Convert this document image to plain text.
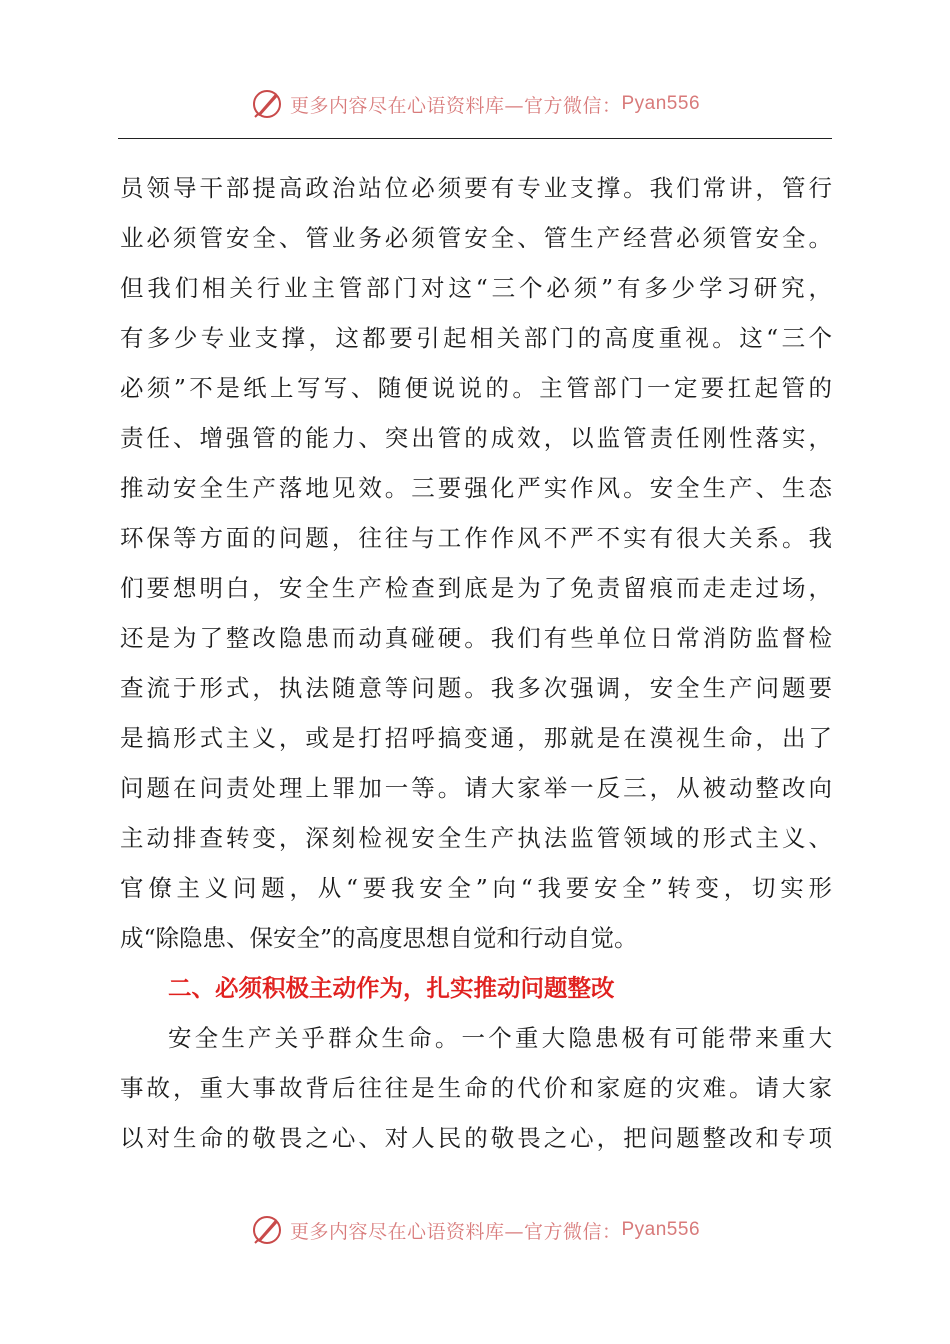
更多内容尽在心语资料库—官方微信： Pyan556
员领导干部提高政治站位必须要有专业支撑。我们常讲，管行
业必须管安全、管业务必须管安全、管生产经营必须管安全。
但我们相关行业主管部门对这“三个必须”有多少学习研究，
有多少专业支撑，这都要引起相关部门的高度重视。这“三个
必须”不是纸上写写、随便说说的。主管部门一定要扛起管的
责任、增强管的能力、突出管的成效，以监管责任刚性落实，
推动安全生产落地见效。三要强化严实作风。安全生产、生态
环保等方面的问题，往往与工作作风不严不实有很大关系。我
们要想明白，安全生产检查到底是为了免责留痕而走走过场，
还是为了整改隐患而动真碰硬。我们有些单位日常消防监督检
查流于形式，执法随意等问题。我多次强调，安全生产问题要
是搞形式主义，或是打招呼搞变通，那就是在漠视生命，出了
问题在问责处理上罪加一等。请大家举一反三，从被动整改向
主动排查转变，深刻检视安全生产执法监管领域的形式主义、
官僚主义问题，从“要我安全”向“我要安全”转变，切实形
成“除隐患、保安全”的高度思想自觉和行动自觉。
二、必须积极主动作为，扎实推动问题整改
安全生产关乎群众生命。一个重大隐患极有可能带来重大
事故，重大事故背后往往是生命的代价和家庭的灾难。请大家
以对生命的敬畏之心、对人民的敬畏之心，把问题整改和专项
更多内容尽在心语资料库—官方微信： Pyan556
